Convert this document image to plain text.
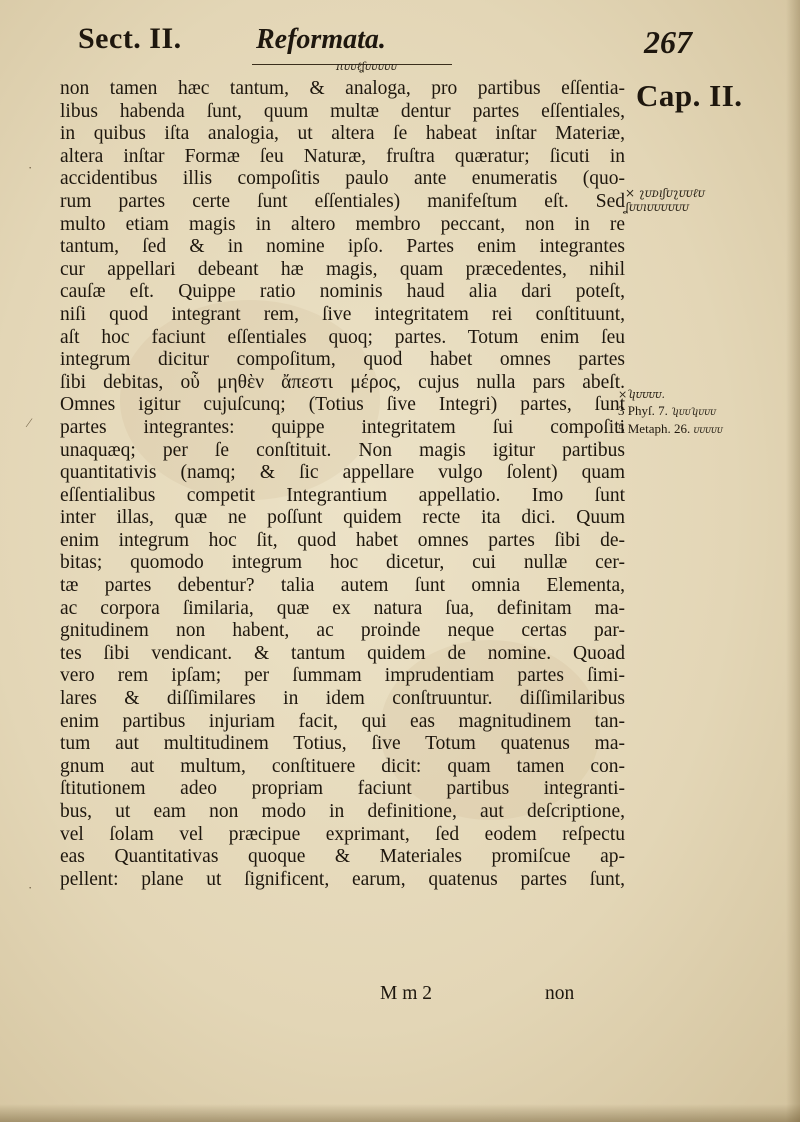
Sect. II.	Reformata.
ɪιᴜᴜℓʆᴜᴜᴜᴜᴜ
267
Cap. II.
× ʅᴜᴅıʃᴜʅᴜᴜℓᴜ
ʆᴜᴜıᴜᴜᴜᴜᴜᴜ
×ʮᴜᴜᴜᴜ.
3 Phyſ. 7. ʮᴜᴜʮᴜᴜᴜ
5 Metaph. 26. ᴜᴜᴜᴜᴜ
non tamen hæc tantum, & analoga, pro partibus eſſentia-
libus habenda ſunt, quum multæ dentur partes eſſentiales,
in quibus iſta analogia, ut altera ſe habeat inſtar Materiæ,
altera inſtar Formæ ſeu Naturæ, fruſtra quæratur; ſicuti in
accidentibus illis compoſitis paulo ante enumeratis (quo-
rum partes certe ſunt eſſentiales) manifeſtum eſt. Sed
multo etiam magis in altero membro peccant, non in re
tantum, ſed & in nomine ipſo. Partes enim integrantes
cur appellari debeant hæ magis, quam præcedentes, nihil
cauſæ eſt. Quippe ratio nominis haud alia dari poteſt,
niſi quod integrant rem, ſive integritatem rei conſtituunt,
aſt hoc faciunt eſſentiales quoq; partes. Totum enim ſeu
integrum dicitur compoſitum, quod habet omnes partes
ſibi debitas, οὗ μηθὲν ἄπεστι μέρος, cujus nulla pars abeſt.
Omnes igitur cujuſcunq; (Totius ſive Integri) partes, ſunt
partes integrantes: quippe integritatem ſui compoſiti
unaquæq; per ſe conſtituit. Non magis igitur partibus
quantitativis (namq; & ſic appellare vulgo ſolent) quam
eſſentialibus competit Integrantium appellatio. Imo ſunt
inter illas, quæ ne poſſunt quidem recte ita dici. Quum
enim integrum hoc ſit, quod habet omnes partes ſibi de-
bitas; quomodo integrum hoc dicetur, cui nullæ cer-
tæ partes debentur? talia autem ſunt omnia Elementa,
ac corpora ſimilaria, quæ ex natura ſua, definitam ma-
gnitudinem non habent, ac proinde neque certas par-
tes ſibi vendicant. & tantum quidem de nomine. Quoad
vero rem ipſam; per ſummam imprudentiam partes ſimi-
lares & diſſimilares in idem conſtruuntur. diſſimilaribus
enim partibus injuriam facit, qui eas magnitudinem tan-
tum aut multitudinem Totius, ſive Totum quatenus ma-
gnum aut multum, conſtituere dicit: quam tamen con-
ſtitutionem adeo propriam faciunt partibus integranti-
bus, ut eam non modo in definitione, aut deſcriptione,
vel ſolam vel præcipue exprimant, ſed eodem reſpectu
eas Quantitativas quoque & Materiales promiſcue ap-
pellent: plane ut ſignificent, earum, quatenus partes ſunt,
M m 2	non
·
⁄
·
